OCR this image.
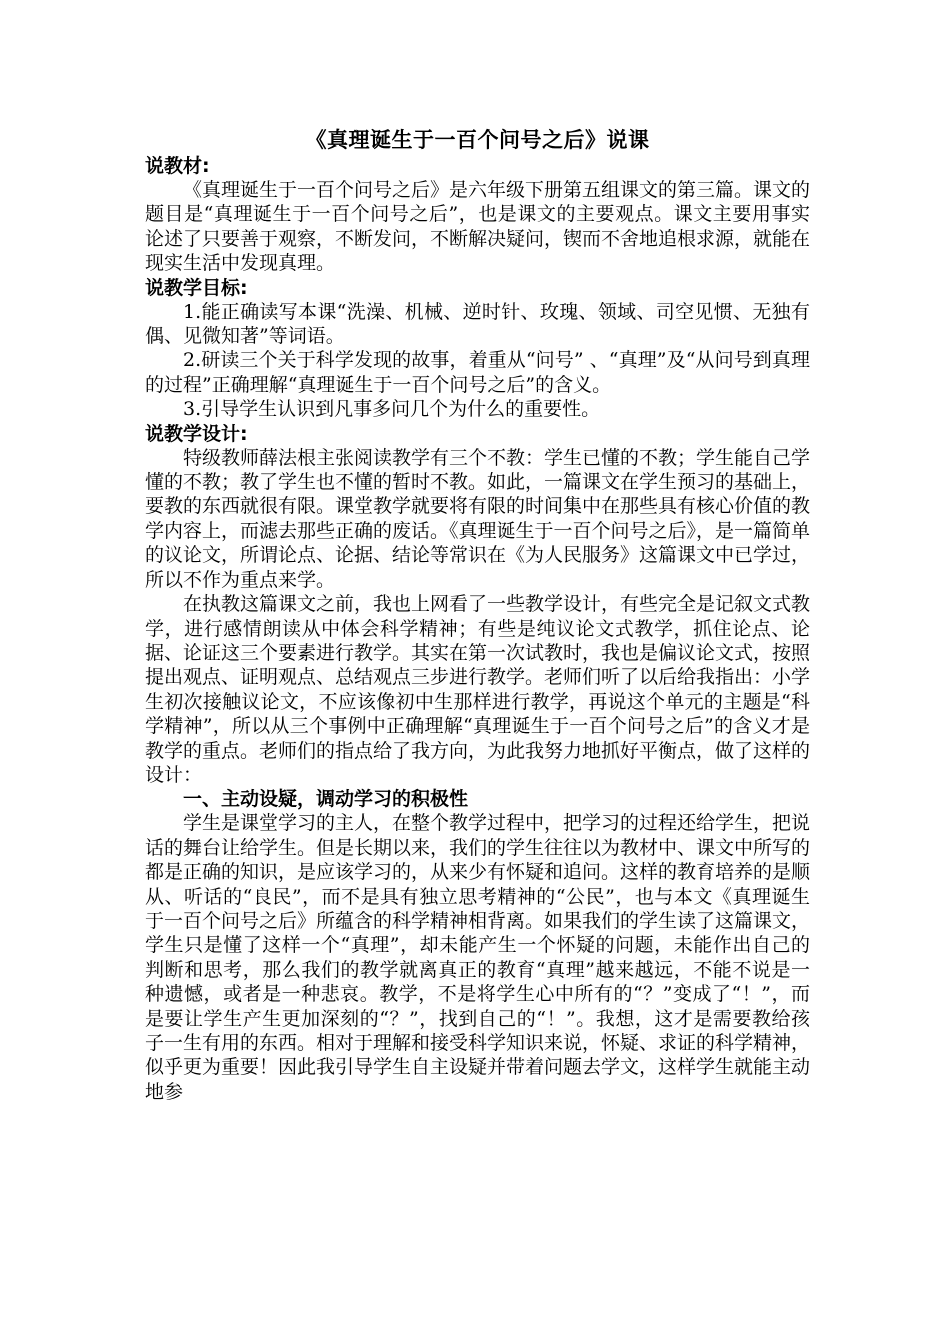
《真理诞生于一百个问号之后》说课

说教材:

《真理诞生于一百个问号之后》是六年级下册第五组课文的第三篇。课文的题目是“真理诞生于一百个问号之后”，也是课文的主要观点。课文主要用事实论述了只要善于观察，不断发问，不断解决疑问，锲而不舍地追根求源，就能在现实生活中发现真理。

说教学目标:

1.能正确读写本课“洗澡、机械、逆时针、玫瑰、领域、司空见惯、无独有偶、见微知著”等词语。

2.研读三个关于科学发现的故事，着重从“问号” 、“真理”及“从问号到真理的过程”正确理解“真理诞生于一百个问号之后”的含义。

3.引导学生认识到凡事多问几个为什么的重要性。

说教学设计:

特级教师薛法根主张阅读教学有三个不教：学生已懂的不教；学生能自己学懂的不教；教了学生也不懂的暂时不教。如此，一篇课文在学生预习的基础上，要教的东西就很有限。课堂教学就要将有限的时间集中在那些具有核心价值的教学内容上，而滤去那些正确的废话。《真理诞生于一百个问号之后》，是一篇简单的议论文，所谓论点、论据、结论等常识在《为人民服务》这篇课文中已学过，所以不作为重点来学。

在执教这篇课文之前，我也上网看了一些教学设计，有些完全是记叙文式教学，进行感情朗读从中体会科学精神；有些是纯议论文式教学，抓住论点、论据、论证这三个要素进行教学。其实在第一次试教时，我也是偏议论文式，按照提出观点、证明观点、总结观点三步进行教学。老师们听了以后给我指出：小学生初次接触议论文，不应该像初中生那样进行教学，再说这个单元的主题是“科学精神”，所以从三个事例中正确理解“真理诞生于一百个问号之后”的含义才是教学的重点。老师们的指点给了我方向，为此我努力地抓好平衡点，做了这样的设计：

一、主动设疑，调动学习的积极性

学生是课堂学习的主人，在整个教学过程中，把学习的过程还给学生，把说话的舞台让给学生。但是长期以来，我们的学生往往以为教材中、课文中所写的都是正确的知识，是应该学习的，从来少有怀疑和追问。这样的教育培养的是顺从、听话的“良民”，而不是具有独立思考精神的“公民”，也与本文《真理诞生于一百个问号之后》所蕴含的科学精神相背离。如果我们的学生读了这篇课文，学生只是懂了这样一个“真理”，却未能产生一个怀疑的问题，未能作出自己的判断和思考，那么我们的教学就离真正的教育“真理”越来越远，不能不说是一种遗憾，或者是一种悲哀。教学，不是将学生心中所有的“？”变成了“！”，而是要让学生产生更加深刻的“？”，找到自己的“！”。我想，这才是需要教给孩子一生有用的东西。相对于理解和接受科学知识来说，怀疑、求证的科学精神，似乎更为重要！因此我引导学生自主设疑并带着问题去学文，这样学生就能主动地参
